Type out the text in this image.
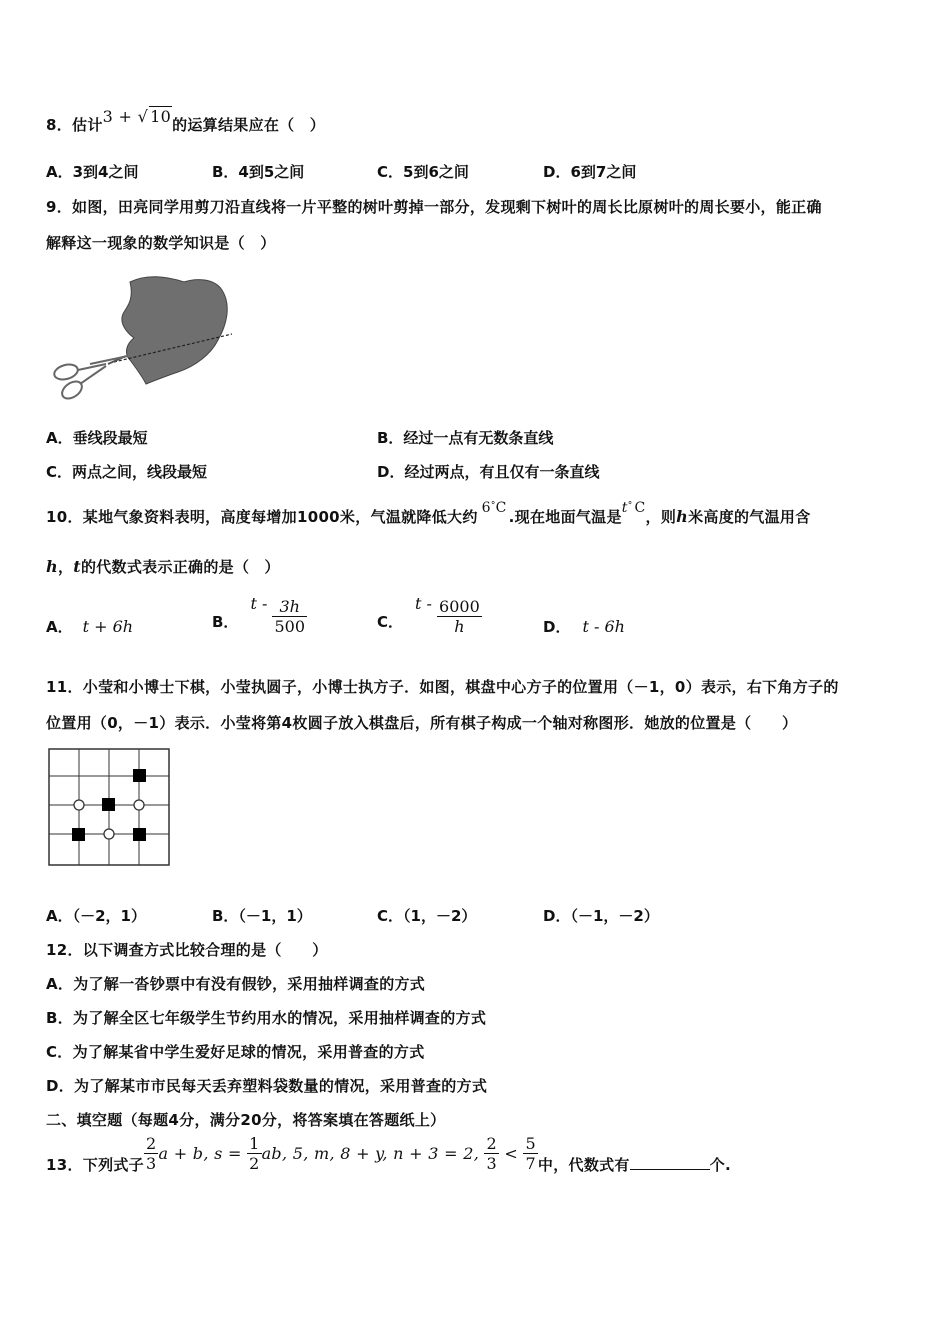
8．估计3 + √ 10的运算结果应在（　）
A．3到4之间	B．4到5之间	C．5到6之间	D．6到7之间
9．如图，田亮同学用剪刀沿直线将一片平整的树叶剪掉一部分，发现剩下树叶的周长比原树叶的周长要小，能正确
解释这一现象的数学知识是（　）
A．垂线段最短	B．经过一点有无数条直线
C．两点之间，线段最短	D．经过两点，有且仅有一条直线
10．某地气象资料表明，高度每增加1000米，气温就降低大约 6°C .现在地面气温是t° C，则h米高度的气温用含
h，t的代数式表示正确的是（　）
A． t + 6h	B．t - $\frac{3h}{500}$	C．t - $\frac{6000}{h}$	D． t - 6h
11．小莹和小博士下棋，小莹执圆子，小博士执方子．如图，棋盘中心方子的位置用（－1，0）表示，右下角方子的
位置用（0，－1）表示．小莹将第4枚圆子放入棋盘后，所有棋子构成一个轴对称图形．她放的位置是（　　）
A．（－2，1）	B．（－1，1）	C．（1，－2）	D．（－1，－2）
12．以下调查方式比较合理的是（　　）
A．为了解一沓钞票中有没有假钞，采用抽样调查的方式
B．为了解全区七年级学生节约用水的情况，采用抽样调查的方式
C．为了解某省中学生爱好足球的情况，采用普查的方式
D．为了解某市市民每天丢弃塑料袋数量的情况，采用普查的方式
二、填空题（每题4分，满分20分，将答案填在答题纸上）
13．下列式子 $\frac{2}{3}$ a + b, $s = \frac{1}{2}$ ab, 5, m, 8 + y, n + 3 = 2, $\frac{2}{3} < \frac{5}{7}$ 中，代数式有	个.
